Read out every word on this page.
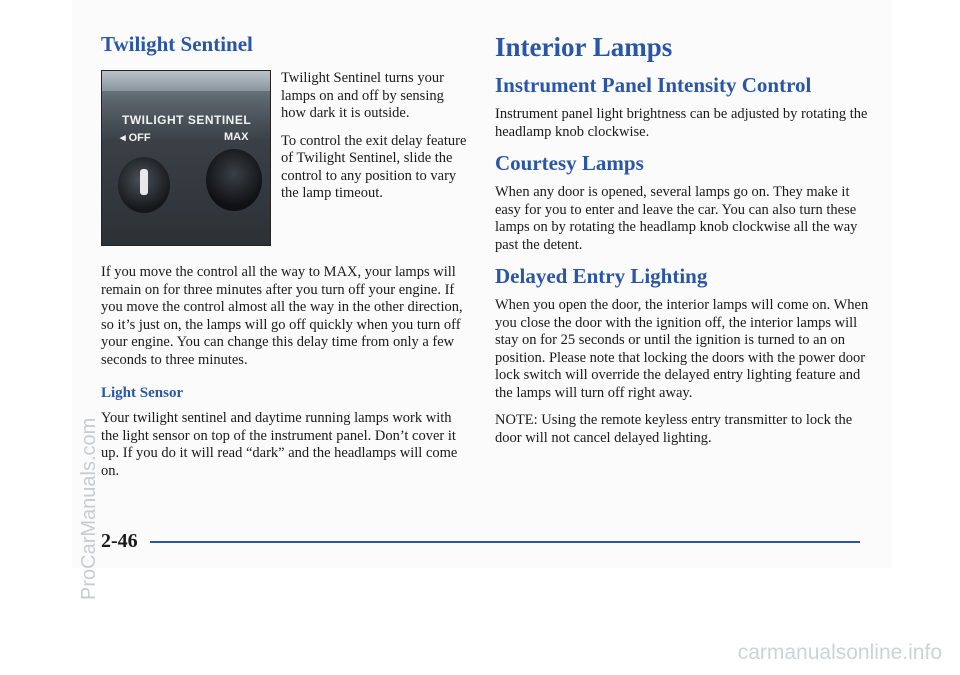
Twilight Sentinel
TWILIGHT SENTINEL
◂ OFF	MAX

Twilight Sentinel turns your lamps on and off by sensing how dark it is outside.

To control the exit delay feature of Twilight Sentinel, slide the control to any position to vary the lamp timeout.

If you move the control all the way to MAX, your lamps will remain on for three minutes after you turn off your engine. If you move the control almost all the way in the other direction, so it’s just on, the lamps will go off quickly when you turn off your engine. You can change this delay time from only a few seconds to three minutes.

Light Sensor

Your twilight sentinel and daytime running lamps work with the light sensor on top of the instrument panel. Don’t cover it up. If you do it will read “dark” and the headlamps will come on.

Interior Lamps
Instrument Panel Intensity Control

Instrument panel light brightness can be adjusted by rotating the headlamp knob clockwise.

Courtesy Lamps

When any door is opened, several lamps go on. They make it easy for you to enter and leave the car. You can also turn these lamps on by rotating the headlamp knob clockwise all the way past the detent.

Delayed Entry Lighting

When you open the door, the interior lamps will come on. When you close the door with the ignition off, the interior lamps will stay on for 25 seconds or until the ignition is turned to an on position. Please note that locking the doors with the power door lock switch will override the delayed entry lighting feature and the lamps will turn off right away.

NOTE: Using the remote keyless entry transmitter to lock the door will not cancel delayed lighting.

2-46
ProCarManuals.com
carmanualsonline.info
